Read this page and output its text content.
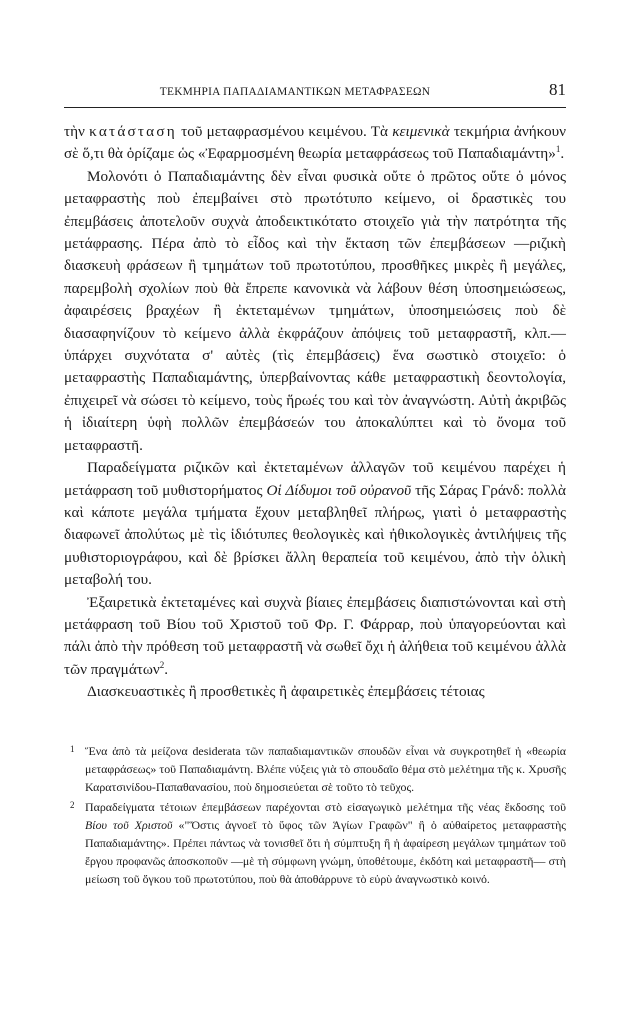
ΤΕΚΜΗΡΙΑ ΠΑΠΑΔΙΑΜΑΝΤΙΚΩΝ ΜΕΤΑΦΡΑΣΕΩΝ	81

τὴν κατάσταση τοῦ μεταφρασμένου κειμένου. Τὰ κειμενικὰ τεκμήρια ἀνήκουν σὲ ὅ,τι θὰ ὁρίζαμε ὡς «Ἐφαρμοσμένη θεωρία μεταφράσεως τοῦ Παπαδιαμάντη»$^1$.

Μολονότι ὁ Παπαδιαμάντης δὲν εἶναι φυσικὰ οὔτε ὁ πρῶτος οὔτε ὁ μόνος μεταφραστὴς ποὺ ἐπεμβαίνει στὸ πρωτότυπο κείμενο, οἱ δραστικὲς του ἐπεμβάσεις ἀποτελοῦν συχνὰ ἀποδεικτικότατο στοιχεῖο γιὰ τὴν πατρότητα τῆς μετάφρασης. Πέρα ἀπὸ τὸ εἶδος καὶ τὴν ἔκταση τῶν ἐπεμβάσεων —ριζικὴ διασκευὴ φράσεων ἢ τμημάτων τοῦ πρωτοτύπου, προσθῆκες μικρὲς ἢ μεγάλες, παρεμβολὴ σχολίων ποὺ θὰ ἔπρεπε κανονικὰ νὰ λάβουν θέση ὑποσημειώσεως, ἀφαιρέσεις βραχέων ἢ ἐκτεταμένων τμημάτων, ὑποσημειώσεις ποὺ δὲ διασαφηνίζουν τὸ κείμενο ἀλλὰ ἐκφράζουν ἀπόψεις τοῦ μεταφραστῆ, κλπ.— ὑπάρχει συχνότατα σ' αὐτὲς (τὶς ἐπεμβάσεις) ἕνα σωστικὸ στοιχεῖο: ὁ μεταφραστὴς Παπαδιαμάντης, ὑπερβαίνοντας κάθε μεταφραστικὴ δεοντολογία, ἐπιχειρεῖ νὰ σώσει τὸ κείμενο, τοὺς ἥρωές του καὶ τὸν ἀναγνώστη. Αὐτὴ ἀκριβῶς ἡ ἰδιαίτερη ὑφὴ πολλῶν ἐπεμβάσεών του ἀποκαλύπτει καὶ τὸ ὄνομα τοῦ μεταφραστῆ.

Παραδείγματα ριζικῶν καὶ ἐκτεταμένων ἀλλαγῶν τοῦ κειμένου παρέχει ἡ μετάφραση τοῦ μυθιστορήματος Οἱ Δίδυμοι τοῦ οὐρανοῦ τῆς Σάρας Γράνδ: πολλὰ καὶ κάποτε μεγάλα τμήματα ἔχουν μεταβληθεῖ πλήρως, γιατὶ ὁ μεταφραστὴς διαφωνεῖ ἀπολύτως μὲ τὶς ἰδιότυπες θεολογικὲς καὶ ἠθικολογικὲς ἀντιλήψεις τῆς μυθιστοριογράφου, καὶ δὲ βρίσκει ἄλλη θεραπεία τοῦ κειμένου, ἀπὸ τὴν ὁλικὴ μεταβολή του.

Ἐξαιρετικὰ ἐκτεταμένες καὶ συχνὰ βίαιες ἐπεμβάσεις διαπιστώνονται καὶ στὴ μετάφραση τοῦ Βίου τοῦ Χριστοῦ τοῦ Φρ. Γ. Φάρραρ, ποὺ ὑπαγορεύονται καὶ πάλι ἀπὸ τὴν πρόθεση τοῦ μεταφραστῆ νὰ σωθεῖ ὄχι ἡ ἀλήθεια τοῦ κειμένου ἀλλὰ τῶν πραγμάτων$^2$.

Διασκευαστικὲς ἢ προσθετικὲς ἢ ἀφαιρετικὲς ἐπεμβάσεις τέτοιας

1 Ἕνα ἀπὸ τὰ μείζονα desiderata τῶν παπαδιαμαντικῶν σπουδῶν εἶναι νὰ συγκροτηθεῖ ἡ «θεωρία μεταφράσεως» τοῦ Παπαδιαμάντη. Βλέπε νύξεις γιὰ τὸ σπουδαῖο θέμα στὸ μελέτημα τῆς κ. Χρυσῆς Καρατσινίδου-Παπαθανασίου, ποὺ δημοσιεύεται σὲ τοῦτο τὸ τεῦχος.

2 Παραδείγματα τέτοιων ἐπεμβάσεων παρέχονται στὸ εἰσαγωγικὸ μελέτημα τῆς νέας ἔκδοσης τοῦ Βίου τοῦ Χριστοῦ «"Ὅστις ἀγνοεῖ τὸ ὕφος τῶν Ἁγίων Γραφῶν" ἢ ὁ αὐθαίρετος μεταφραστὴς Παπαδιαμάντης». Πρέπει πάντως νὰ τονισθεῖ ὅτι ἡ σύμπτυξη ἢ ἡ ἀφαίρεση μεγάλων τμημάτων τοῦ ἔργου προφανῶς ἀποσκοποῦν —μὲ τὴ σύμφωνη γνώμη, ὑποθέτουμε, ἐκδότη καὶ μεταφραστῆ— στὴ μείωση τοῦ ὄγκου τοῦ πρωτοτύπου, ποὺ θὰ ἀποθάρρυνε τὸ εὐρὺ ἀναγνωστικὸ κοινό.
